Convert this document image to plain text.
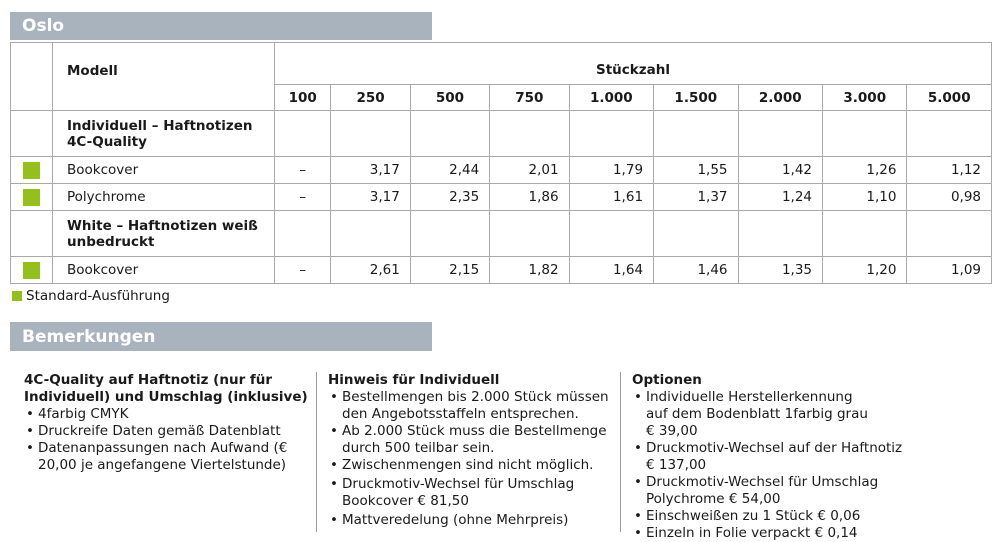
Oslo
	Modell	Stückzahl								
		100	250	500	750	1.000	1.500	2.000	3.000	5.000
	Individuell – Haftnotizen 4C-Quality									
	Bookcover	–	3,17	2,44	2,01	1,79	1,55	1,42	1,26	1,12
	Polychrome	–	3,17	2,35	1,86	1,61	1,37	1,24	1,10	0,98
	White – Haftnotizen weiß unbedruckt									
	Bookcover	–	2,61	2,15	1,82	1,64	1,46	1,35	1,20	1,09
Standard-Ausführung
Bemerkungen
4C-Quality auf Haftnotiz (nur für Individuell) und Umschlag (inklusive)
• 4farbig CMYK
• Druckreife Daten gemäß Datenblatt
• Datenanpassungen nach Aufwand (€ 20,00 je angefangene Viertelstunde)
Hinweis für Individuell
• Bestellmengen bis 2.000 Stück müssen den Angebotsstaffeln entsprechen.
• Ab 2.000 Stück muss die Bestellmenge durch 500 teilbar sein.
• Zwischenmengen sind nicht möglich.
• Druckmotiv-Wechsel für Umschlag Bookcover € 81,50
• Mattveredelung (ohne Mehrpreis)
Optionen
• Individuelle Herstellerkennung auf dem Bodenblatt 1farbig grau € 39,00
• Druckmotiv-Wechsel auf der Haftnotiz € 137,00
• Druckmotiv-Wechsel für Umschlag Polychrome € 54,00
• Einschweißen zu 1 Stück € 0,06
• Einzeln in Folie verpackt € 0,14
